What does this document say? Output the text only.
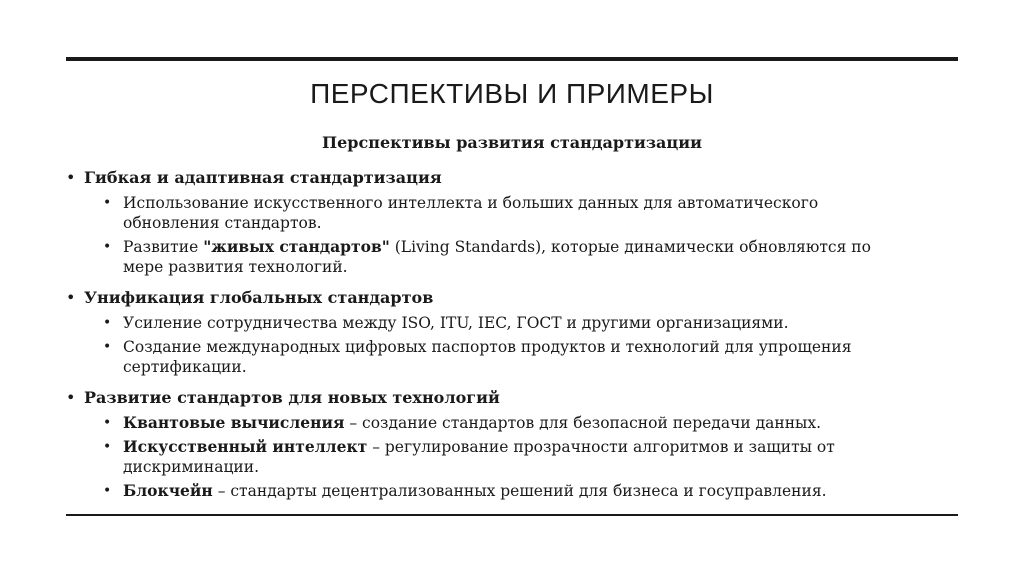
ПЕРСПЕКТИВЫ И ПРИМЕРЫ
Перспективы развития стандартизации
• Гибкая и адаптивная стандартизация
• Использование искусственного интеллекта и больших данных для автоматического обновления стандартов.
• Развитие "живых стандартов" (Living Standards), которые динамически обновляются по мере развития технологий.
• Унификация глобальных стандартов
• Усиление сотрудничества между ISO, ITU, IEC, ГОСТ и другими организациями.
• Создание международных цифровых паспортов продуктов и технологий для упрощения сертификации.
• Развитие стандартов для новых технологий
• Квантовые вычисления – создание стандартов для безопасной передачи данных.
• Искусственный интеллект – регулирование прозрачности алгоритмов и защиты от дискриминации.
• Блокчейн – стандарты децентрализованных решений для бизнеса и госуправления.
